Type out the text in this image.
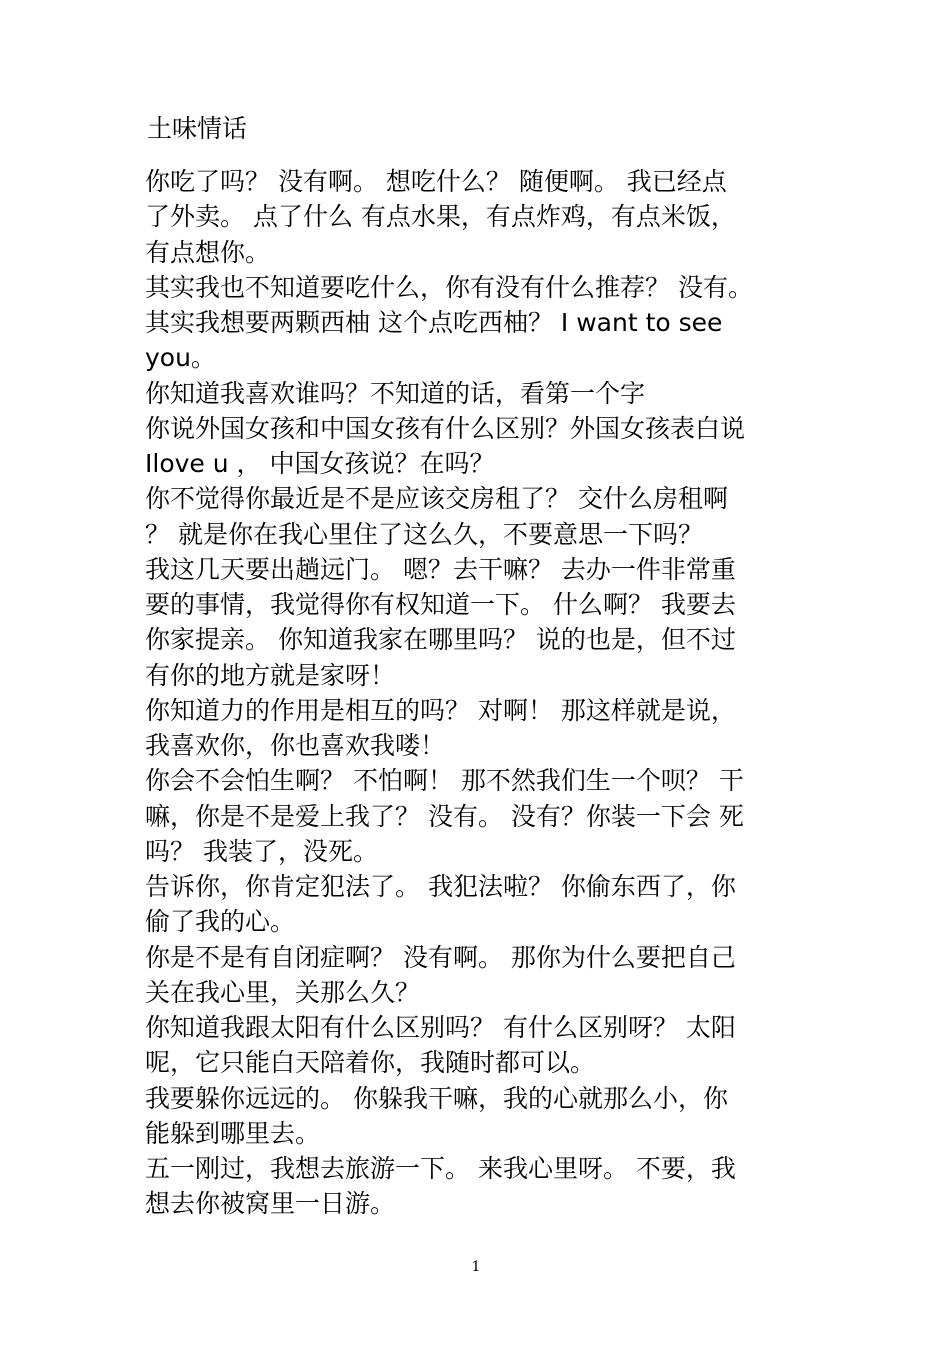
土味情话
你吃了吗？ 没有啊。 想吃什么？ 随便啊。 我已经点
了外卖。 点了什么 有点水果，有点炸鸡，有点米饭，
有点想你。
其实我也不知道要吃什么，你有没有什么推荐？ 没有。
其实我想要两颗西柚 这个点吃西柚？ I want to see
you。
你知道我喜欢谁吗？不知道的话，看第一个字
你说外国女孩和中国女孩有什么区别？外国女孩表白说
Ilove u ， 中国女孩说？在吗？
你不觉得你最近是不是应该交房租了？ 交什么房租啊
？ 就是你在我心里住了这么久，不要意思一下吗？
我这几天要出趟远门。 嗯？去干嘛？ 去办一件非常重
要的事情，我觉得你有权知道一下。 什么啊？ 我要去
你家提亲。 你知道我家在哪里吗？ 说的也是，但不过
有你的地方就是家呀！
你知道力的作用是相互的吗？ 对啊！ 那这样就是说，
我喜欢你，你也喜欢我喽！
你会不会怕生啊？ 不怕啊！ 那不然我们生一个呗？ 干
嘛，你是不是爱上我了？ 没有。 没有？你装一下会 死
吗？ 我装了，没死。
告诉你，你肯定犯法了。 我犯法啦？ 你偷东西了，你
偷了我的心。
你是不是有自闭症啊？ 没有啊。 那你为什么要把自己
关在我心里，关那么久？
你知道我跟太阳有什么区别吗？ 有什么区别呀？ 太阳
呢，它只能白天陪着你，我随时都可以。
我要躲你远远的。 你躲我干嘛，我的心就那么小，你
能躲到哪里去。
五一刚过，我想去旅游一下。 来我心里呀。 不要，我
想去你被窝里一日游。
1
